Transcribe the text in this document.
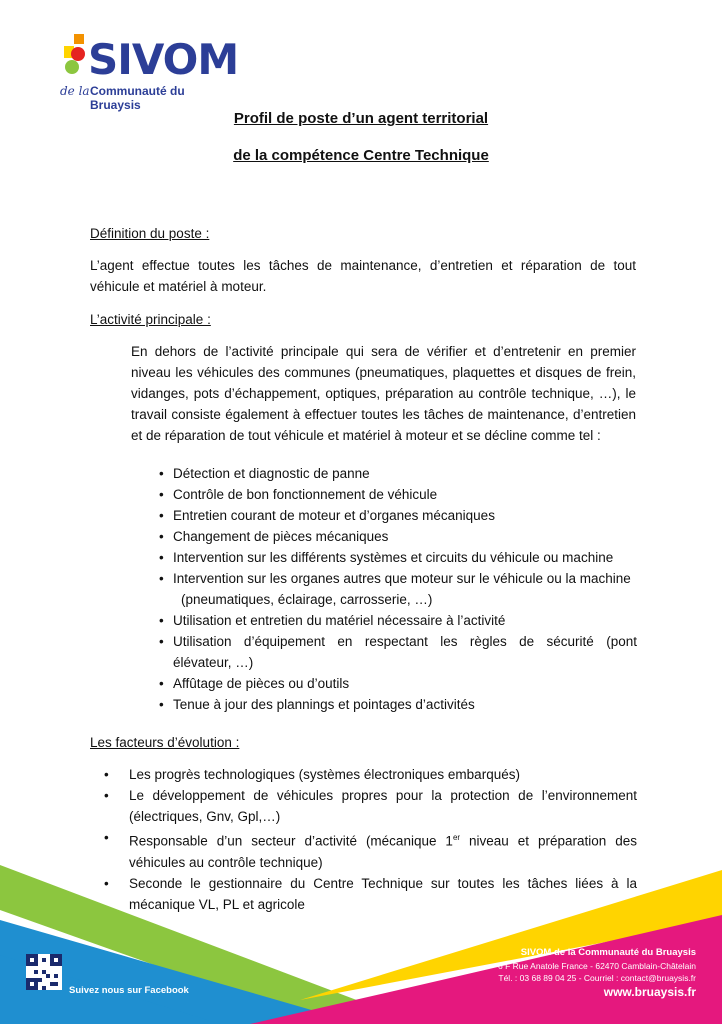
SIVOM
de la Communauté du Bruaysis
Profil de poste d’un agent territorial
de la compétence Centre Technique
Définition du poste :
L’agent effectue toutes les tâches de maintenance, d’entretien et réparation de tout
véhicule et matériel à moteur.
L’activité principale :
En dehors de l’activité principale qui sera de vérifier et d’entretenir en premier
niveau les véhicules des communes (pneumatiques, plaquettes et disques de frein,
vidanges, pots d’échappement, optiques, préparation au contrôle technique, …), le
travail consiste également à effectuer toutes les tâches de maintenance, d’entretien
et de réparation de tout véhicule et matériel à moteur et se décline comme tel :
• Détection et diagnostic de panne
• Contrôle de bon fonctionnement de véhicule
• Entretien courant de moteur et d’organes mécaniques
• Changement de pièces mécaniques
• Intervention sur les différents systèmes et circuits du véhicule ou machine
• Intervention sur les organes autres que moteur sur le véhicule ou la machine
(pneumatiques, éclairage, carrosserie, …)
• Utilisation et entretien du matériel nécessaire à l’activité
• Utilisation d’équipement en respectant les règles de sécurité (pont
élévateur, …)
• Affûtage de pièces ou d’outils
• Tenue à jour des plannings et pointages d’activités
Les facteurs d’évolution :
• Les progrès technologiques (systèmes électroniques embarqués)
• Le développement de véhicules propres pour la protection de l’environnement
(électriques, Gnv, Gpl,…)
• Responsable d’un secteur d’activité (mécanique 1er niveau et préparation des
véhicules au contrôle technique)
• Seconde le gestionnaire du Centre Technique sur toutes les tâches liées à la
mécanique VL, PL et agricole
Suivez nous sur Facebook
SIVOM de la Communauté du Bruaysis
6 F Rue Anatole France - 62470 Camblain-Châtelain
Tél. : 03 68 89 04 25 - Courriel : contact@bruaysis.fr
www.bruaysis.fr
